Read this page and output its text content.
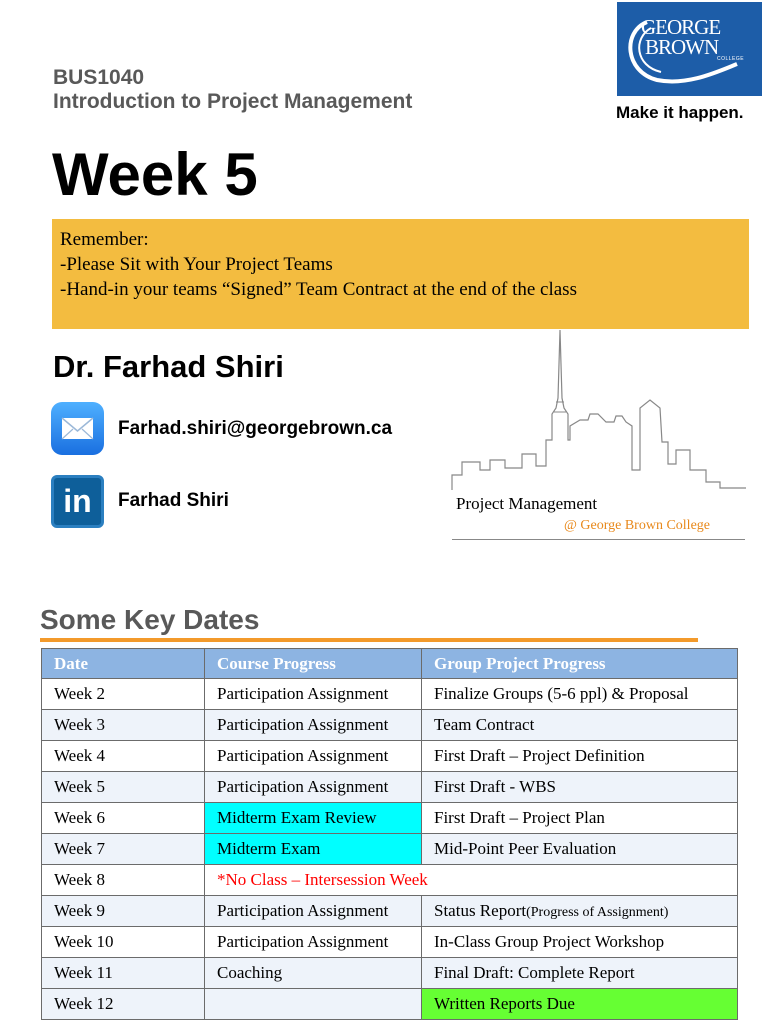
BUS1040
Introduction to Project Management
Week 5
GEORGE
BROWN
COLLEGE
Make it happen.
Remember:
-Please Sit with Your Project Teams
-Hand-in your teams “Signed” Team Contract at the end of the class
Dr. Farhad Shiri
Farhad.shiri@georgebrown.ca
in	Farhad Shiri	Project Management
@ George Brown College
Some Key Dates
Date	Course Progress	Group Project Progress
Week 2	Participation Assignment	Finalize Groups (5-6 ppl) & Proposal
Week 3	Participation Assignment	Team Contract
Week 4	Participation Assignment	First Draft – Project Definition
Week 5	Participation Assignment	First Draft - WBS
Week 6	Midterm Exam Review	First Draft – Project Plan
Week 7	Midterm Exam	Mid-Point Peer Evaluation
Week 8	*No Class – Intersession Week	
Week 9	Participation Assignment	Status Report(Progress of Assignment)
Week 10	Participation Assignment	In-Class Group Project Workshop
Week 11	Coaching	Final Draft: Complete Report
Week 12		Written Reports Due
